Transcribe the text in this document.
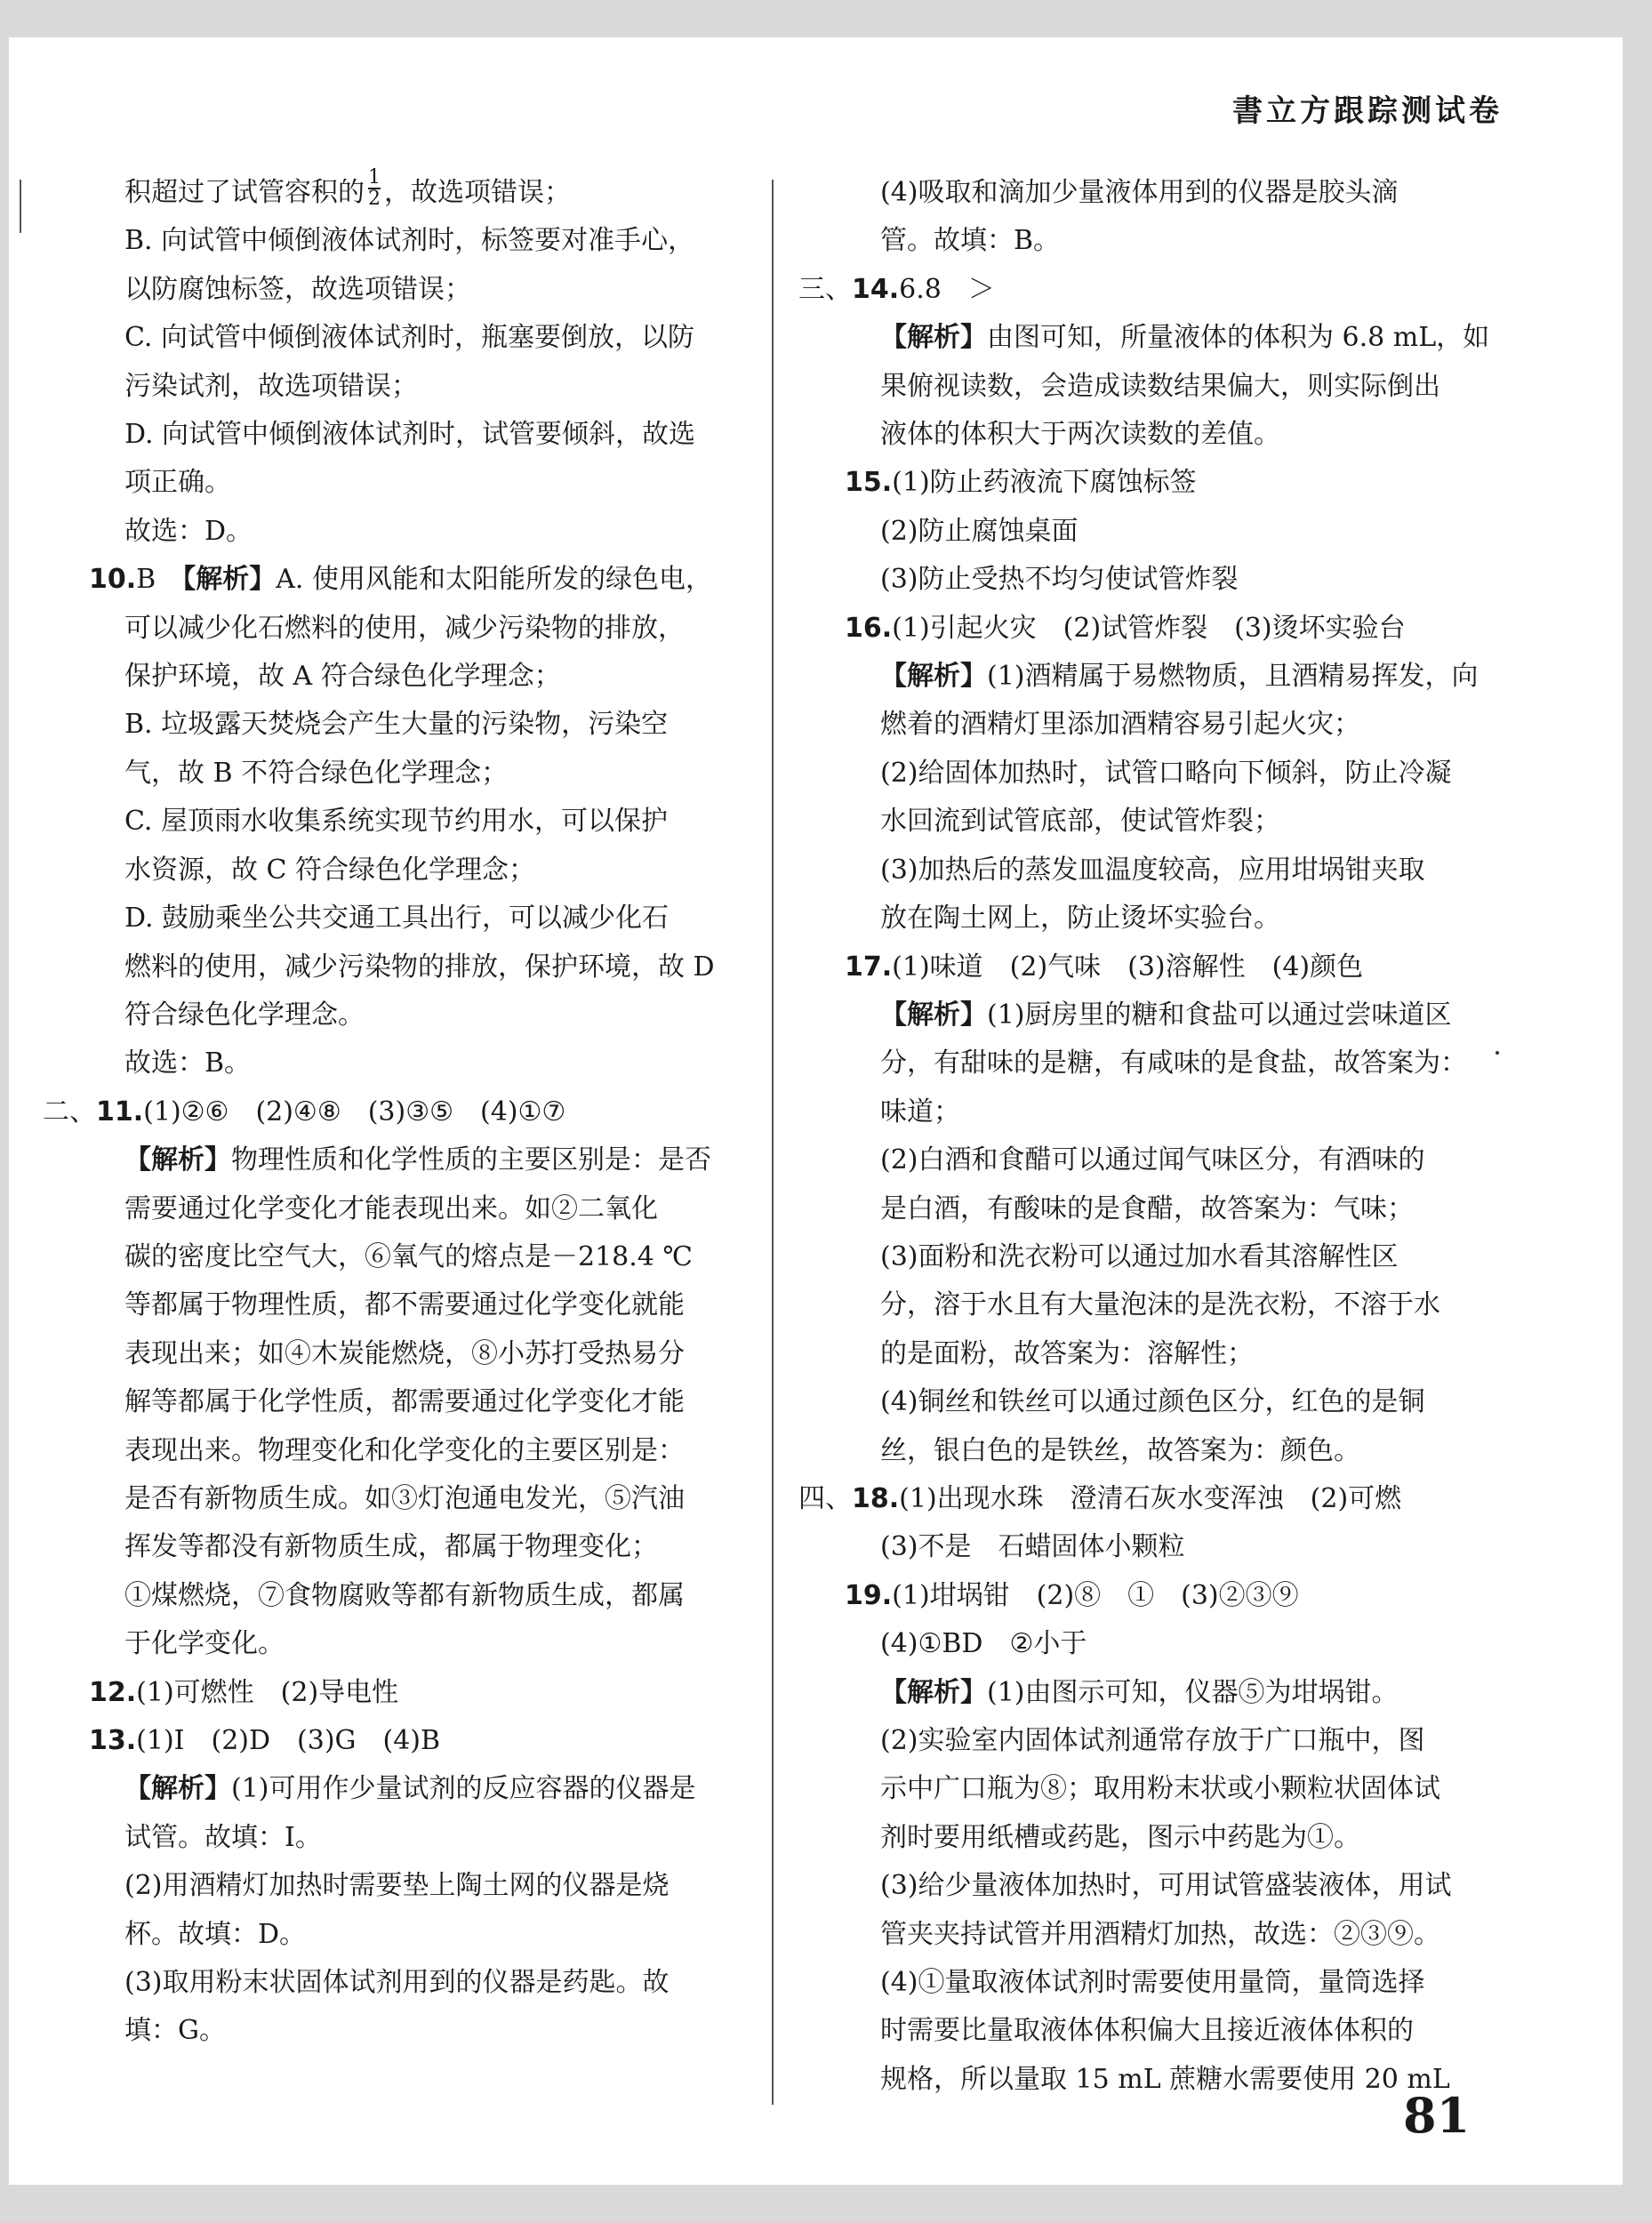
書立方跟踪测试卷
积超过了试管容积的 $\frac{1}{2}$ ，故选项错误；
B. 向试管中倾倒液体试剂时，标签要对准手心，
以防腐蚀标签，故选项错误；
C. 向试管中倾倒液体试剂时，瓶塞要倒放，以防
污染试剂，故选项错误；
D. 向试管中倾倒液体试剂时，试管要倾斜，故选
项正确。
故选：D。
10.B　【解析】A. 使用风能和太阳能所发的绿色电，
可以减少化石燃料的使用，减少污染物的排放，
保护环境，故 A 符合绿色化学理念；
B. 垃圾露天焚烧会产生大量的污染物，污染空
气，故 B 不符合绿色化学理念；
C. 屋顶雨水收集系统实现节约用水，可以保护
水资源，故 C 符合绿色化学理念；
D. 鼓励乘坐公共交通工具出行，可以减少化石
燃料的使用，减少污染物的排放，保护环境，故 D
符合绿色化学理念。
故选：B。
二、11.(1)②⑥　(2)④⑧　(3)③⑤　(4)①⑦
【解析】物理性质和化学性质的主要区别是：是否
需要通过化学变化才能表现出来。如②二氧化
碳的密度比空气大，⑥氧气的熔点是－218.4 ℃
等都属于物理性质，都不需要通过化学变化就能
表现出来；如④木炭能燃烧，⑧小苏打受热易分
解等都属于化学性质，都需要通过化学变化才能
表现出来。物理变化和化学变化的主要区别是：
是否有新物质生成。如③灯泡通电发光，⑤汽油
挥发等都没有新物质生成，都属于物理变化；
①煤燃烧，⑦食物腐败等都有新物质生成，都属
于化学变化。
12.(1)可燃性　(2)导电性
13.(1)I　(2)D　(3)G　(4)B
【解析】(1)可用作少量试剂的反应容器的仪器是
试管。故填：I。
(2)用酒精灯加热时需要垫上陶土网的仪器是烧
杯。故填：D。
(3)取用粉末状固体试剂用到的仪器是药匙。故
填：G。
(4)吸取和滴加少量液体用到的仪器是胶头滴
管。故填：B。
三、14.6.8　＞
【解析】由图可知，所量液体的体积为 6.8 mL，如
果俯视读数，会造成读数结果偏大，则实际倒出
液体的体积大于两次读数的差值。
15.(1)防止药液流下腐蚀标签
(2)防止腐蚀桌面
(3)防止受热不均匀使试管炸裂
16.(1)引起火灾　(2)试管炸裂　(3)烫坏实验台
【解析】(1)酒精属于易燃物质，且酒精易挥发，向
燃着的酒精灯里添加酒精容易引起火灾；
(2)给固体加热时，试管口略向下倾斜，防止冷凝
水回流到试管底部，使试管炸裂；
(3)加热后的蒸发皿温度较高，应用坩埚钳夹取
放在陶土网上，防止烫坏实验台。
17.(1)味道　(2)气味　(3)溶解性　(4)颜色
【解析】(1)厨房里的糖和食盐可以通过尝味道区
分，有甜味的是糖，有咸味的是食盐，故答案为：
味道；
(2)白酒和食醋可以通过闻气味区分，有酒味的
是白酒，有酸味的是食醋，故答案为：气味；
(3)面粉和洗衣粉可以通过加水看其溶解性区
分，溶于水且有大量泡沫的是洗衣粉，不溶于水
的是面粉，故答案为：溶解性；
(4)铜丝和铁丝可以通过颜色区分，红色的是铜
丝，银白色的是铁丝，故答案为：颜色。
四、18.(1)出现水珠　澄清石灰水变浑浊　(2)可燃
(3)不是　石蜡固体小颗粒
19.(1)坩埚钳　(2)⑧　①　(3)②③⑨
(4)①BD　②小于
【解析】(1)由图示可知，仪器⑤为坩埚钳。
(2)实验室内固体试剂通常存放于广口瓶中，图
示中广口瓶为⑧；取用粉末状或小颗粒状固体试
剂时要用纸槽或药匙，图示中药匙为①。
(3)给少量液体加热时，可用试管盛装液体，用试
管夹夹持试管并用酒精灯加热，故选：②③⑨。
(4)①量取液体试剂时需要使用量筒，量筒选择
时需要比量取液体体积偏大且接近液体体积的
规格，所以量取 15 mL 蔗糖水需要使用 20 mL
81
